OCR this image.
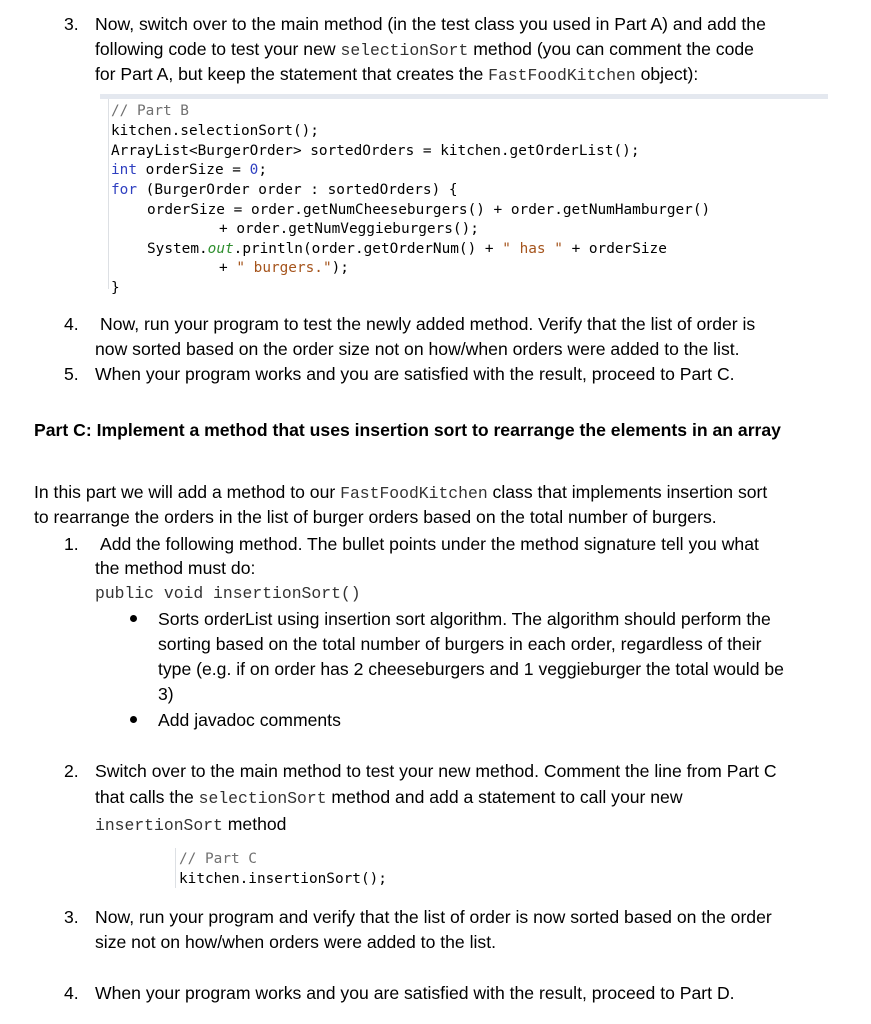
3. Now, switch over to the main method (in the test class you used in Part A) and add the
following code to test your new selectionSort method (you can comment the code
for Part A, but keep the statement that creates the FastFoodKitchen object):
// Part B
kitchen.selectionSort();
ArrayList<BurgerOrder> sortedOrders = kitchen.getOrderList();
int orderSize = 0;
for (BurgerOrder order : sortedOrders) {
orderSize = order.getNumCheeseburgers() + order.getNumHamburger()
+ order.getNumVeggieburgers();
System.out.println(order.getOrderNum() + " has " + orderSize
+ " burgers.");
}
4. Now, run your program to test the newly added method. Verify that the list of order is
now sorted based on the order size not on how/when orders were added to the list.
5. When your program works and you are satisfied with the result, proceed to Part C.
Part C: Implement a method that uses insertion sort to rearrange the elements in an array
In this part we will add a method to our FastFoodKitchen class that implements insertion sort
to rearrange the orders in the list of burger orders based on the total number of burgers.
1. Add the following method. The bullet points under the method signature tell you what
the method must do:
public void insertionSort()
Sorts orderList using insertion sort algorithm. The algorithm should perform the
sorting based on the total number of burgers in each order, regardless of their
type (e.g. if on order has 2 cheeseburgers and 1 veggieburger the total would be
3)
Add javadoc comments
2. Switch over to the main method to test your new method. Comment the line from Part C
that calls the selectionSort method and add a statement to call your new
insertionSort method
// Part C
kitchen.insertionSort();
3. Now, run your program and verify that the list of order is now sorted based on the order
size not on how/when orders were added to the list.
4. When your program works and you are satisfied with the result, proceed to Part D.
